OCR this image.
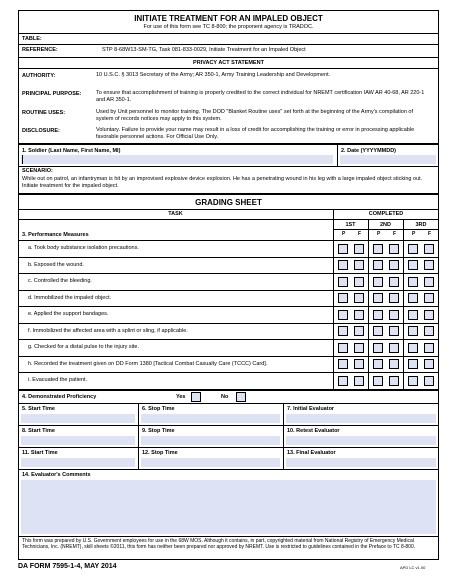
INITIATE TREATMENT FOR AN IMPALED OBJECT
For use of this form see TC 8-800; the proponent agency is TRADOC.
TABLE:
REFERENCE:	STP 8-68W13-SM-TG, Task 081-833-0029, Initiate Treatment for an Impaled Object
PRIVACY ACT STATEMENT
AUTHORITY:	10 U.S.C. § 3013 Secretary of the Army; AR 350-1, Army Training Leadership and Development.
PRINCIPAL PURPOSE:	To ensure that accomplishment of training is properly credited to the correct individual for NREMT certification IAW AR 40-68, AR 220-1 and AR 350-1.
ROUTINE USES:	Used by Unit personnel to monitor training. The DOD "Blanket Routine uses" set forth at the beginning of the Army's compilation of system of records notices may apply to this system.
DISCLOSURE:	Voluntary. Failure to provide your name may result in a loss of credit for accomplishing the training or error in processing applicable favorable personnel actions. For Official Use Only.
1. Soldier (Last Name, First Name, MI)	2. Date (YYYYMMDD)
SCENARIO:
While out on patrol, an infantryman is hit by an improvised explosive device explosion. He has a penetrating wound in his leg with a large impaled object sticking out. Initiate treatment for the impaled object.
GRADING SHEET
TASK	COMPLETED
1ST	2ND	3RD
3. Performance Measures	P	F	P	F	P	F
a. Took body substance isolation precautions.
b. Exposed the wound.
c. Controlled the bleeding.
d. Immobilized the impaled object.
e. Applied the support bandages.
f. Immobilized the affected area with a splint or sling, if applicable.
g. Checked for a distal pulse to the injury site.
h. Recorded the treatment given on DD Form 1380 [Tactical Combat Casualty Care (TCCC) Card].
i. Evacuated the patient.
4. Demonstrated Proficiency	Yes	No
5. Start Time	6. Stop Time	7. Initial Evaluator
8. Start Time	9. Stop Time	10. Retest Evaluator
11. Start Time	12. Stop Time	13. Final Evaluator
14. Evaluator's Comments
This form was prepared by U.S. Government employees for use in the 68W MOS. Although it contains, in part, copyrighted material from National Registry of Emergency Medical Technicians, Inc. (NREMT), skill sheets ©2011, this form has neither been prepared nor approved by NREMT. Use is restricted to guidelines contained in the Preface to TC 8-800.
DA FORM 7595-1-4, MAY 2014	APD LC v1.00
